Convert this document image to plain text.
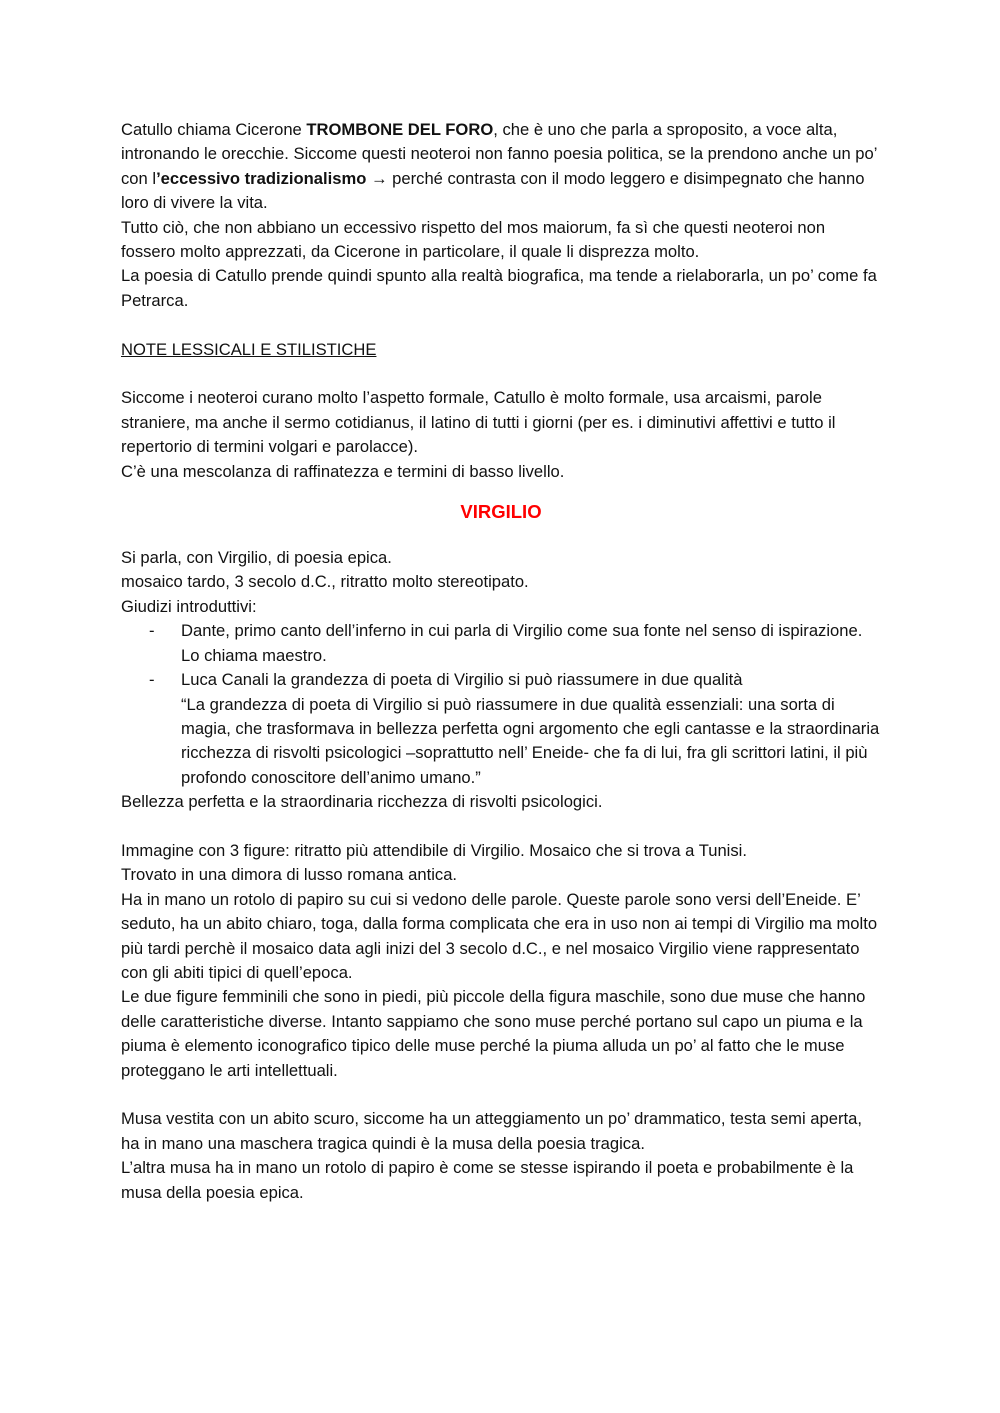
Catullo chiama Cicerone TROMBONE DEL FORO, che è uno che parla a sproposito, a voce alta, intronando le orecchie. Siccome questi neoteroi non fanno poesia politica, se la prendono anche un po’ con l’eccessivo tradizionalismo → perché contrasta con il modo leggero e disimpegnato che hanno loro di vivere la vita.

Tutto ciò, che non abbiano un eccessivo rispetto del mos maiorum, fa sì che questi neoteroi non fossero molto apprezzati, da Cicerone in particolare, il quale li disprezza molto.

La poesia di Catullo prende quindi spunto alla realtà biografica, ma tende a rielaborarla, un po’ come fa Petrarca.

NOTE LESSICALI E STILISTICHE

Siccome i neoteroi curano molto l’aspetto formale, Catullo è molto formale, usa arcaismi, parole straniere, ma anche il sermo cotidianus, il latino di tutti i giorni (per es. i diminutivi affettivi e tutto il repertorio di termini volgari e parolacce).

C’è una mescolanza di raffinatezza e termini di basso livello.

VIRGILIO

Si parla, con Virgilio, di poesia epica.

mosaico tardo, 3 secolo d.C., ritratto molto stereotipato.

Giudizi introduttivi:

- Dante, primo canto dell’inferno in cui parla di Virgilio come sua fonte nel senso di ispirazione. Lo chiama maestro.
- Luca Canali la grandezza di poeta di Virgilio si può riassumere in due qualità
“La grandezza di poeta di Virgilio si può riassumere in due qualità essenziali: una sorta di magia, che trasformava in bellezza perfetta ogni argomento che egli cantasse e la straordinaria ricchezza di risvolti psicologici –soprattutto nell’ Eneide- che fa di lui, fra gli scrittori latini, il più profondo conoscitore dell’animo umano.”

Bellezza perfetta e la straordinaria ricchezza di risvolti psicologici.

Immagine con 3 figure: ritratto più attendibile di Virgilio. Mosaico che si trova a Tunisi.

Trovato in una dimora di lusso romana antica.

Ha in mano un rotolo di papiro su cui si vedono delle parole. Queste parole sono versi dell’Eneide. E’ seduto, ha un abito chiaro, toga, dalla forma complicata che era in uso non ai tempi di Virgilio ma molto più tardi perchè il mosaico data agli inizi del 3 secolo d.C., e nel mosaico Virgilio viene rappresentato con gli abiti tipici di quell’epoca.

Le due figure femminili che sono in piedi, più piccole della figura maschile, sono due muse che hanno delle caratteristiche diverse. Intanto sappiamo che sono muse perché portano sul capo un piuma e la piuma è elemento iconografico tipico delle muse perché la piuma alluda un po’ al fatto che le muse proteggano le arti intellettuali.

Musa vestita con un abito scuro, siccome ha un atteggiamento un po’ drammatico, testa semi aperta, ha in mano una maschera tragica quindi è la musa della poesia tragica.

L’altra musa ha in mano un rotolo di papiro è come se stesse ispirando il poeta e probabilmente è la musa della poesia epica.
